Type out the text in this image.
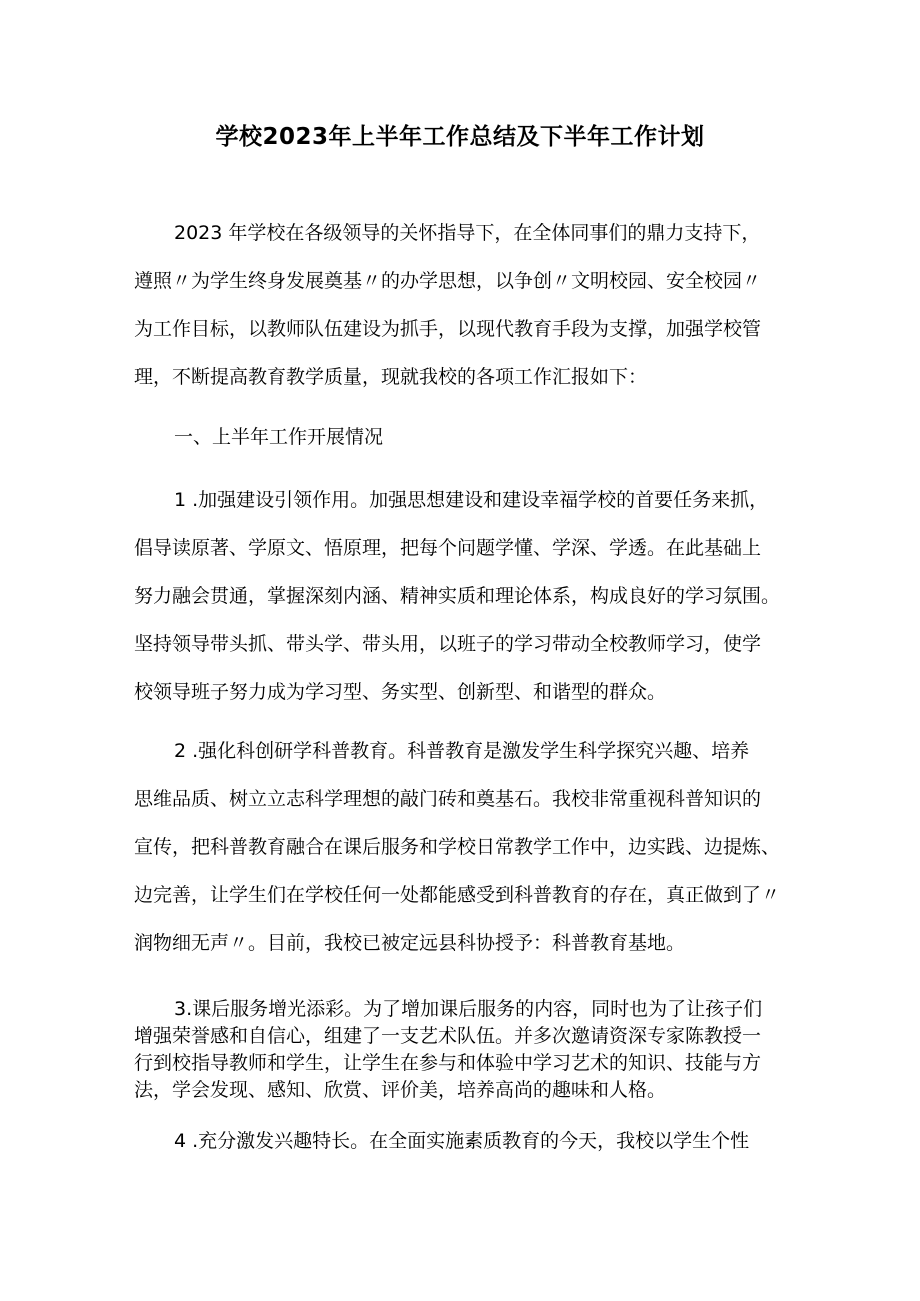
学校2023年上半年工作总结及下半年工作计划
2023 年学校在各级领导的关怀指导下，在全体同事们的鼎力支持下，
遵照〃为学生终身发展奠基〃的办学思想，以争创〃文明校园、安全校园〃
为工作目标，以教师队伍建设为抓手，以现代教育手段为支撑，加强学校管
理，不断提高教育教学质量，现就我校的各项工作汇报如下：
一、上半年工作开展情况
1 .加强建设引领作用。加强思想建设和建设幸福学校的首要任务来抓，
倡导读原著、学原文、悟原理，把每个问题学懂、学深、学透。在此基础上
努力融会贯通，掌握深刻内涵、精神实质和理论体系，构成良好的学习氛围。
坚持领导带头抓、带头学、带头用，以班子的学习带动全校教师学习，使学
校领导班子努力成为学习型、务实型、创新型、和谐型的群众。
2 .强化科创研学科普教育。科普教育是激发学生科学探究兴趣、培养
思维品质、树立立志科学理想的敲门砖和奠基石。我校非常重视科普知识的
宣传，把科普教育融合在课后服务和学校日常教学工作中，边实践、边提炼、
边完善，让学生们在学校任何一处都能感受到科普教育的存在，真正做到了〃
润物细无声〃。目前，我校已被定远县科协授予：科普教育基地。
3.课后服务增光添彩。为了增加课后服务的内容，同时也为了让孩子们
增强荣誉感和自信心，组建了一支艺术队伍。并多次邀请资深专家陈教授一
行到校指导教师和学生，让学生在参与和体验中学习艺术的知识、技能与方
法，学会发现、感知、欣赏、评价美，培养高尚的趣味和人格。
4 .充分激发兴趣特长。在全面实施素质教育的今天，我校以学生个性
